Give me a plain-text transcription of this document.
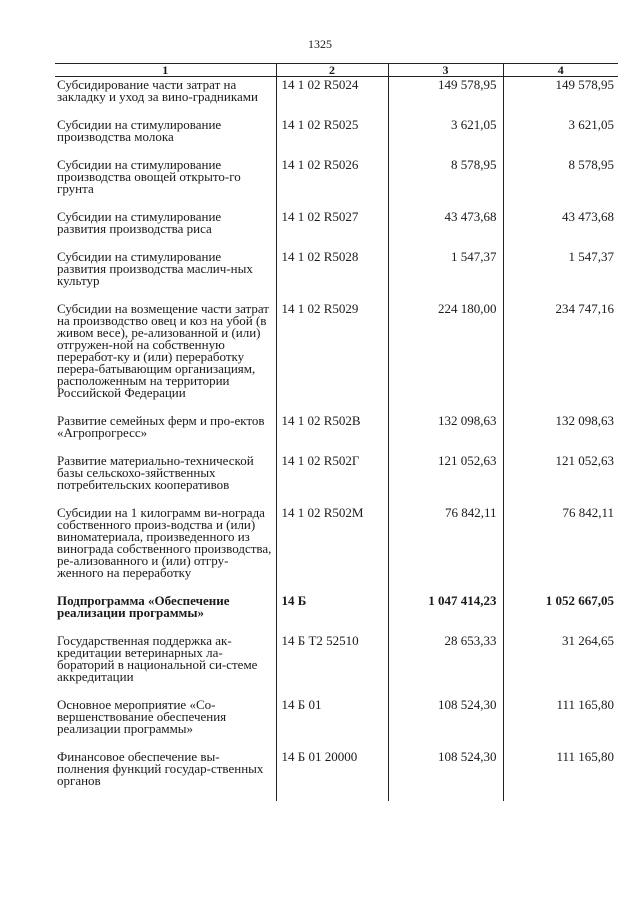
1325
1	2	3	4
Субсидирование части затрат на закладку и уход за вино-градниками	14 1 02 R5024	149 578,95	149 578,95
Субсидии на стимулирование производства молока	14 1 02 R5025	3 621,05	3 621,05
Субсидии на стимулирование производства овощей открыто-го грунта	14 1 02 R5026	8 578,95	8 578,95
Субсидии на стимулирование развития производства риса	14 1 02 R5027	43 473,68	43 473,68
Субсидии на стимулирование развития производства маслич-ных культур	14 1 02 R5028	1 547,37	1 547,37
Субсидии на возмещение части затрат на производство овец и коз на убой (в живом весе), ре-ализованной и (или) отгружен-ной на собственную переработ-ку и (или) переработку перера-батывающим организациям, расположенным на территории Российской Федерации	14 1 02 R5029	224 180,00	234 747,16
Развитие семейных ферм и про-ектов «Агропрогресс»	14 1 02 R502В	132 098,63	132 098,63
Развитие материально-технической базы сельскохо-зяйственных потребительских кооперативов	14 1 02 R502Г	121 052,63	121 052,63
Субсидии на 1 килограмм ви-нограда собственного произ-водства и (или) виноматериала, произведенного из винограда собственного производства, ре-ализованного и (или) отгру-женного на переработку	14 1 02 R502М	76 842,11	76 842,11
Подпрограмма «Обеспечение реализации программы»	14 Б	1 047 414,23	1 052 667,05
Государственная поддержка ак-кредитации ветеринарных ла-бораторий в национальной си-стеме аккредитации	14 Б Т2 52510	28 653,33	31 264,65
Основное мероприятие «Со-вершенствование обеспечения реализации программы»	14 Б 01	108 524,30	111 165,80
Финансовое обеспечение вы-полнения функций государ-ственных органов	14 Б 01 20000	108 524,30	111 165,80
